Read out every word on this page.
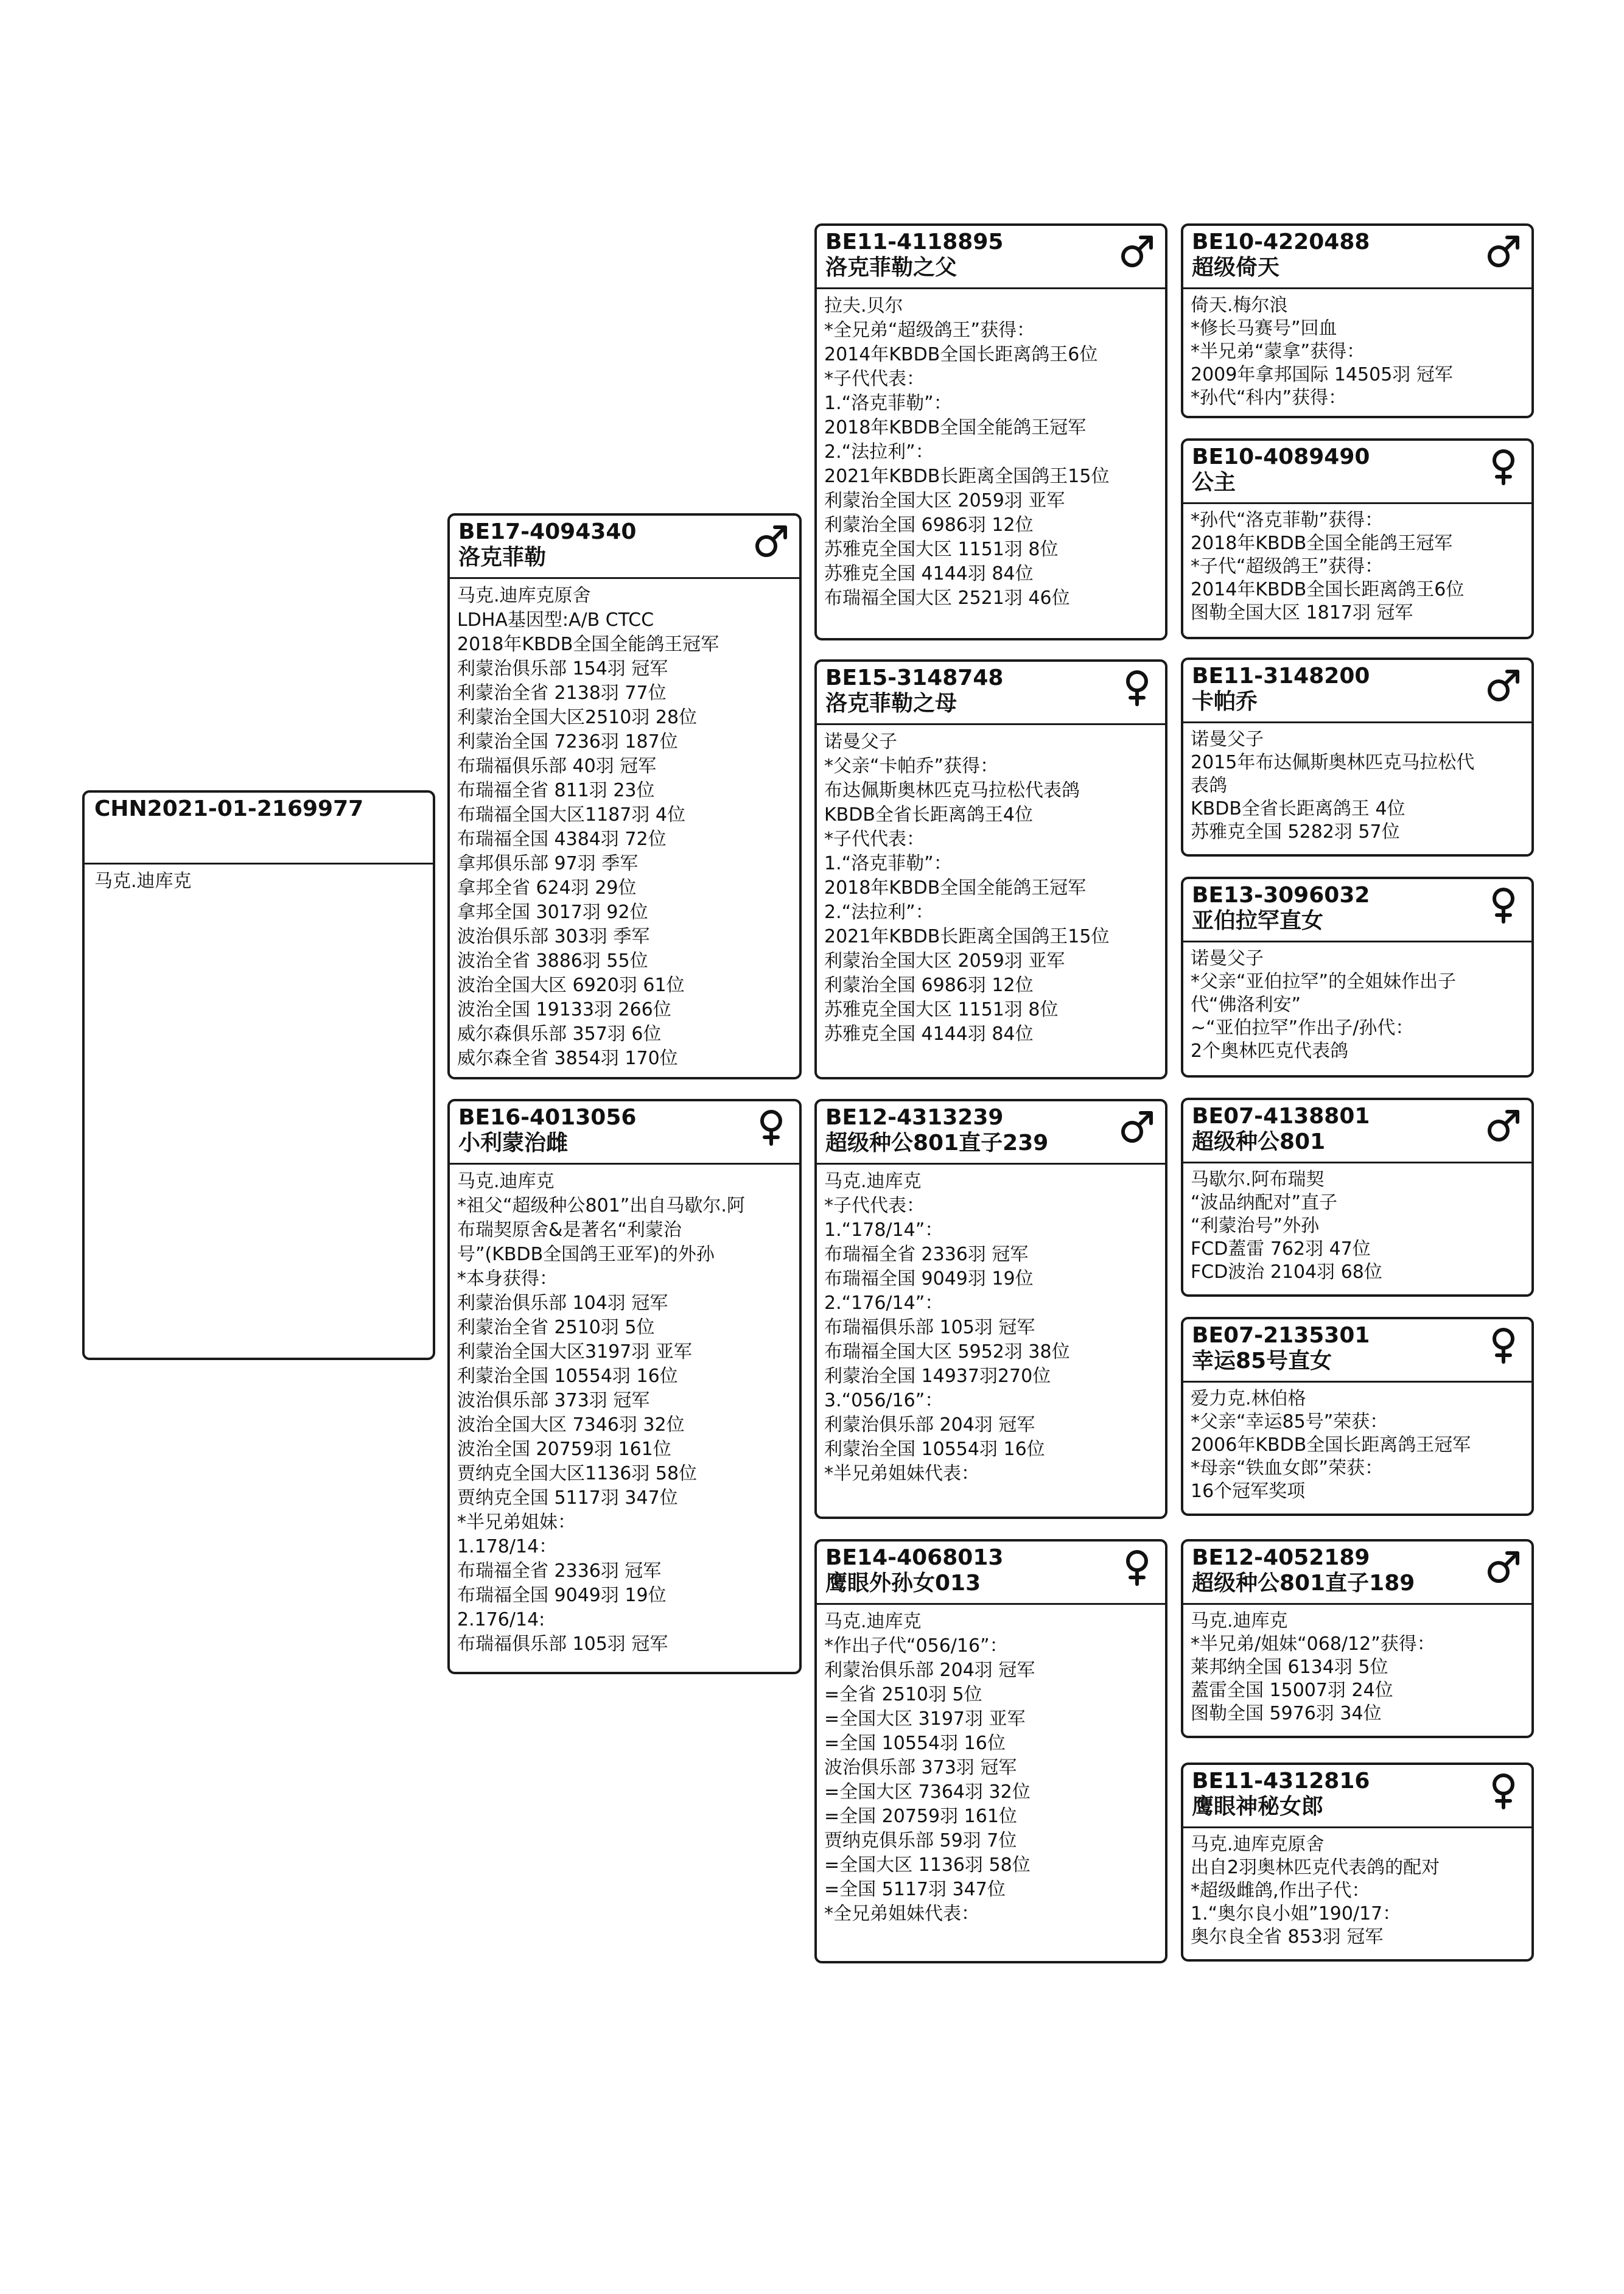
CHN2021-01-2169977
马克.迪库克
BE17-4094340
洛克菲勒
马克.迪库克原舍
LDHA基因型:A/B CTCC
2018年KBDB全国全能鸽王冠军
利蒙治俱乐部 154羽 冠军
利蒙治全省 2138羽 77位
利蒙治全国大区2510羽 28位
利蒙治全国 7236羽 187位
布瑞福俱乐部 40羽 冠军
布瑞福全省 811羽 23位
布瑞福全国大区1187羽 4位
布瑞福全国 4384羽 72位
拿邦俱乐部 97羽 季军
拿邦全省 624羽 29位
拿邦全国 3017羽 92位
波治俱乐部 303羽 季军
波治全省 3886羽 55位
波治全国大区 6920羽 61位
波治全国 19133羽 266位
威尔森俱乐部 357羽 6位
威尔森全省 3854羽 170位
BE16-4013056
小利蒙治雌
马克.迪库克
*祖父“超级种公801”出自马歇尔.阿
布瑞契原舍&是著名“利蒙治
号”(KBDB全国鸽王亚军)的外孙
*本身获得：
利蒙治俱乐部 104羽 冠军
利蒙治全省 2510羽 5位
利蒙治全国大区3197羽 亚军
利蒙治全国 10554羽 16位
波治俱乐部 373羽 冠军
波治全国大区 7346羽 32位
波治全国 20759羽 161位
贾纳克全国大区1136羽 58位
贾纳克全国 5117羽 347位
*半兄弟姐妹：
1.178/14：
布瑞福全省 2336羽 冠军
布瑞福全国 9049羽 19位
2.176/14:
布瑞福俱乐部 105羽 冠军
BE11-4118895
洛克菲勒之父
拉夫.贝尔
*全兄弟“超级鸽王”获得：
2014年KBDB全国长距离鸽王6位
*子代代表：
1.“洛克菲勒”：
2018年KBDB全国全能鸽王冠军
2.“法拉利”：
2021年KBDB长距离全国鸽王15位
利蒙治全国大区 2059羽 亚军
利蒙治全国 6986羽 12位
苏雅克全国大区 1151羽 8位
苏雅克全国 4144羽 84位
布瑞福全国大区 2521羽 46位
BE15-3148748
洛克菲勒之母
诺曼父子
*父亲“卡帕乔”获得：
布达佩斯奥林匹克马拉松代表鸽
KBDB全省长距离鸽王4位
*子代代表：
1.“洛克菲勒”：
2018年KBDB全国全能鸽王冠军
2.“法拉利”：
2021年KBDB长距离全国鸽王15位
利蒙治全国大区 2059羽 亚军
利蒙治全国 6986羽 12位
苏雅克全国大区 1151羽 8位
苏雅克全国 4144羽 84位
BE12-4313239
超级种公801直子239
马克.迪库克
*子代代表：
1.“178/14”：
布瑞福全省 2336羽 冠军
布瑞福全国 9049羽 19位
2.“176/14”：
布瑞福俱乐部 105羽 冠军
布瑞福全国大区 5952羽 38位
利蒙治全国 14937羽270位
3.“056/16”：
利蒙治俱乐部 204羽 冠军
利蒙治全国 10554羽 16位
*半兄弟姐妹代表：
BE14-4068013
鹰眼外孙女013
马克.迪库克
*作出子代“056/16”：
利蒙治俱乐部 204羽 冠军
=全省 2510羽 5位
=全国大区 3197羽 亚军
=全国 10554羽 16位
波治俱乐部 373羽 冠军
=全国大区 7364羽 32位
=全国 20759羽 161位
贾纳克俱乐部 59羽 7位
=全国大区 1136羽 58位
=全国 5117羽 347位
*全兄弟姐妹代表：
BE10-4220488
超级倚天
倚天.梅尔浪
*修长马赛号”回血
*半兄弟“蒙拿”获得：
2009年拿邦国际 14505羽 冠军
*孙代“科内”获得：
BE10-4089490
公主
*孙代“洛克菲勒”获得：
2018年KBDB全国全能鸽王冠军
*子代“超级鸽王”获得：
2014年KBDB全国长距离鸽王6位
图勒全国大区 1817羽 冠军
BE11-3148200
卡帕乔
诺曼父子
2015年布达佩斯奥林匹克马拉松代
表鸽
KBDB全省长距离鸽王 4位
苏雅克全国 5282羽 57位
BE13-3096032
亚伯拉罕直女
诺曼父子
*父亲“亚伯拉罕”的全姐妹作出子
代“佛洛利安”
~“亚伯拉罕”作出子/孙代：
2个奥林匹克代表鸽
BE07-4138801
超级种公801
马歇尔.阿布瑞契
“波品纳配对”直子
“利蒙治号”外孙
FCD蓋雷 762羽 47位
FCD波治 2104羽 68位
BE07-2135301
幸运85号直女
爱力克.林伯格
*父亲“幸运85号”荣获：
2006年KBDB全国长距离鸽王冠军
*母亲“铁血女郎”荣获：
16个冠军奖项
BE12-4052189
超级种公801直子189
马克.迪库克
*半兄弟/姐妹“068/12”获得：
莱邦纳全国 6134羽 5位
蓋雷全国 15007羽 24位
图勒全国 5976羽 34位
BE11-4312816
鹰眼神秘女郎
马克.迪库克原舍
出自2羽奥林匹克代表鸽的配对
*超级雌鸽,作出子代：
1.“奥尔良小姐”190/17：
奥尔良全省 853羽 冠军
